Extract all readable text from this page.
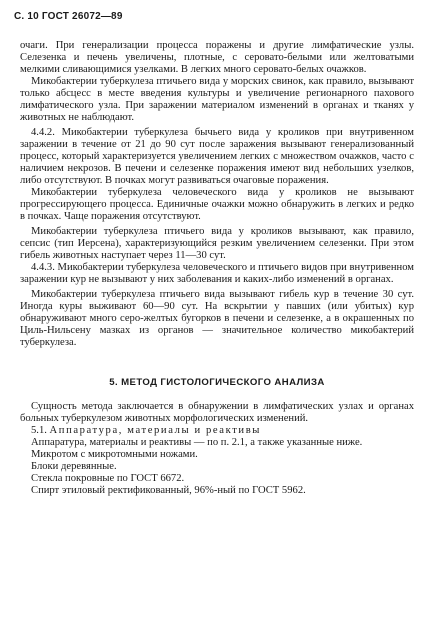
С. 10 ГОСТ 26072—89

очаги. При генерализации процесса поражены и другие лимфатические узлы. Селезенка и печень увеличены, плотные, с серовато-белыми или желтоватыми мелкими сливающимися узелками. В легких много серовато-белых очажков.

Микобактерии туберкулеза птичьего вида у морских свинок, как правило, вызывают только абсцесс в месте введения культуры и увеличение регионарного пахового лимфатического узла. При заражении материалом изменений в органах и тканях у животных не наблюдают.

4.4.2. Микобактерии туберкулеза бычьего вида у кроликов при внутривенном заражении в течение от 21 до 90 сут после заражения вызывают генерализованный процесс, который характеризуется увеличением легких с множеством очажков, часто с наличием некрозов. В печени и селезенке поражения имеют вид небольших узелков, либо отсутствуют. В почках могут развиваться очаговые поражения.

Микобактерии туберкулеза человеческого вида у кроликов не вызывают прогрессирующего процесса. Единичные очажки можно обнаружить в легких и редко в почках. Чаще поражения отсутствуют.

Микобактерии туберкулеза птичьего вида у кроликов вызывают, как правило, сепсис (тип Иерсена), характеризующийся резким увеличением селезенки. При этом гибель животных наступает через 11—30 сут.

4.4.3. Микобактерии туберкулеза человеческого и птичьего видов при внутривенном заражении кур не вызывают у них заболевания и каких-либо изменений в органах.

Микобактерии туберкулеза птичьего вида вызывают гибель кур в течение 30 сут. Иногда куры выживают 60—90 сут. На вскрытии у павших (или убитых) кур обнаруживают много серо-желтых бугорков в печени и селезенке, а в окрашенных по Циль-Нильсену мазках из органов — значительное количество микобактерий туберкулеза.

5. МЕТОД ГИСТОЛОГИЧЕСКОГО АНАЛИЗА

Сущность метода заключается в обнаружении в лимфатических узлах и органах больных туберкулезом животных морфологических изменений.

5.1. Аппаратура, материалы и реактивы

Аппаратура, материалы и реактивы — по п. 2.1, а также указанные ниже.

Микротом с микротомными ножами.

Блоки деревянные.

Стекла покровные по ГОСТ 6672.

Спирт этиловый ректификованный, 96%-ный по ГОСТ 5962.
